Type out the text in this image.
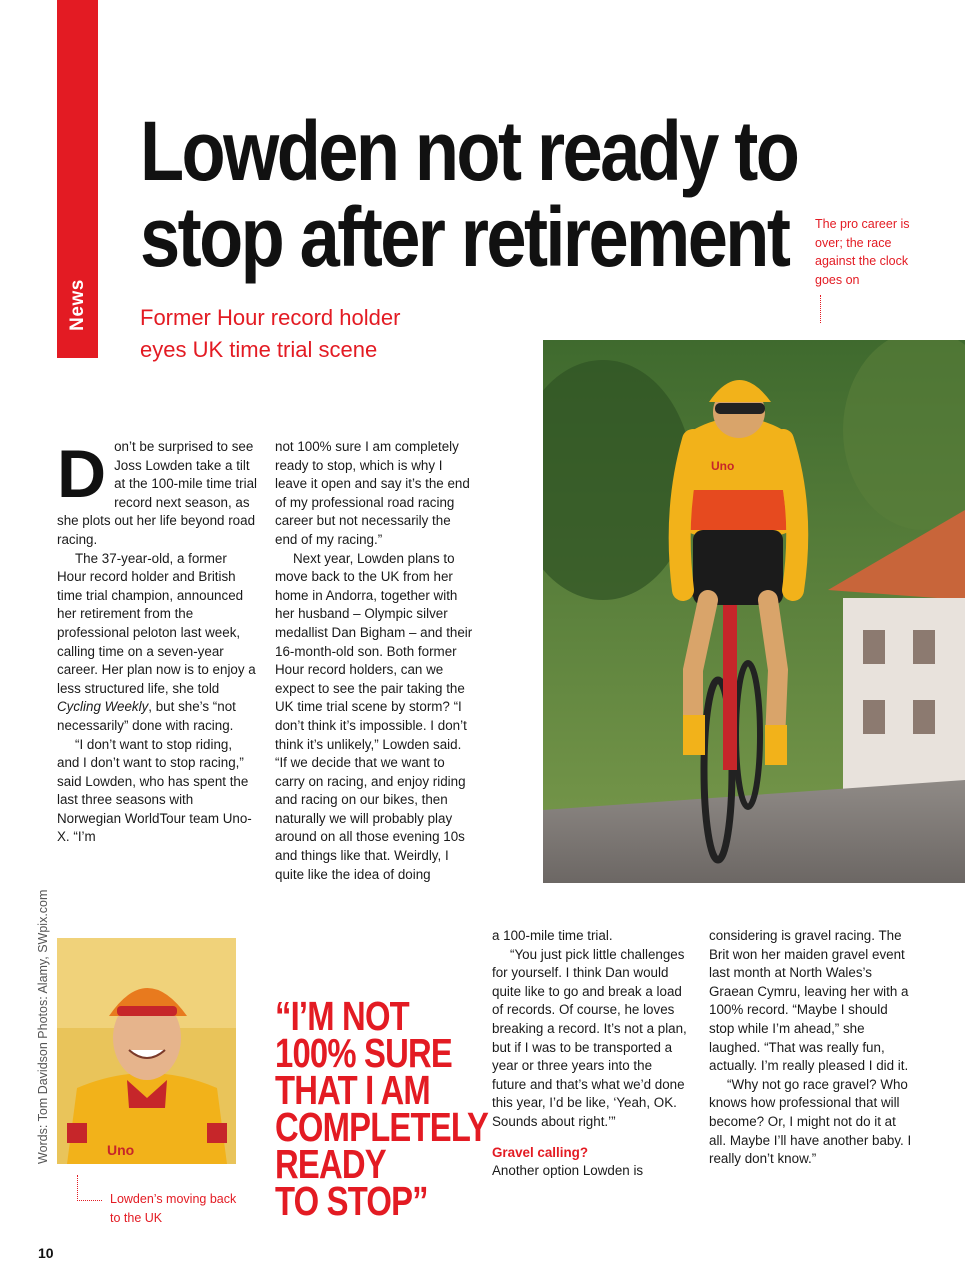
News
Lowden not ready to
stop after retirement The pro career is over; the race against the clock goes on
Former Hour record holder
eyes UK time trial scene
Uno
D on’t be surprised to see Joss Lowden take a tilt at the 100-mile time trial record next season, as she plots out her life beyond road racing.

The 37-year-old, a former Hour record holder and British time trial champion, announced her retirement from the professional peloton last week, calling time on a seven-year career. Her plan now is to enjoy a less structured life, she told Cycling Weekly, but she’s “not necessarily” done with racing.

“I don’t want to stop riding, and I don’t want to stop racing,” said Lowden, who has spent the last three seasons with Norwegian WorldTour team Uno-X. “I’m

not 100% sure I am completely ready to stop, which is why I leave it open and say it’s the end of my professional road racing career but not necessarily the end of my racing.”

Next year, Lowden plans to move back to the UK from her home in Andorra, together with her husband – Olympic silver medallist Dan Bigham – and their 16-month-old son. Both former Hour record holders, can we expect to see the pair taking the UK time trial scene by storm? “I don’t think it’s impossible. I don’t think it’s unlikely,” Lowden said. “If we decide that we want to carry on racing, and enjoy riding and racing on our bikes, then naturally we will probably play around on all those evening 10s and things like that. Weirdly, I quite like the idea of doing

a 100-mile time trial.

“You just pick little challenges for yourself. I think Dan would quite like to go and break a load of records. Of course, he loves breaking a record. It’s not a plan, but if I was to be transported a year or three years into the future and that’s what we’d done this year, I’d be like, ‘Yeah, OK. Sounds about right.’”

Gravel calling?

Another option Lowden is

considering is gravel racing. The Brit won her maiden gravel event last month at North Wales’s Graean Cymru, leaving her with a 100% record. “Maybe I should stop while I’m ahead,” she laughed. “That was really fun, actually. I’m really pleased I did it.

“Why not go race gravel? Who knows how professional that will become? Or, I might not do it at all. Maybe I’ll have another baby. I really don’t know.”

Uno
Lowden’s moving back to the UK
Words: Tom Davidson Photos: Alamy, SWpix.com	“I’M NOT
100% SURE
THAT I AM
COMPLETELY
READY
TO STOP”
10
